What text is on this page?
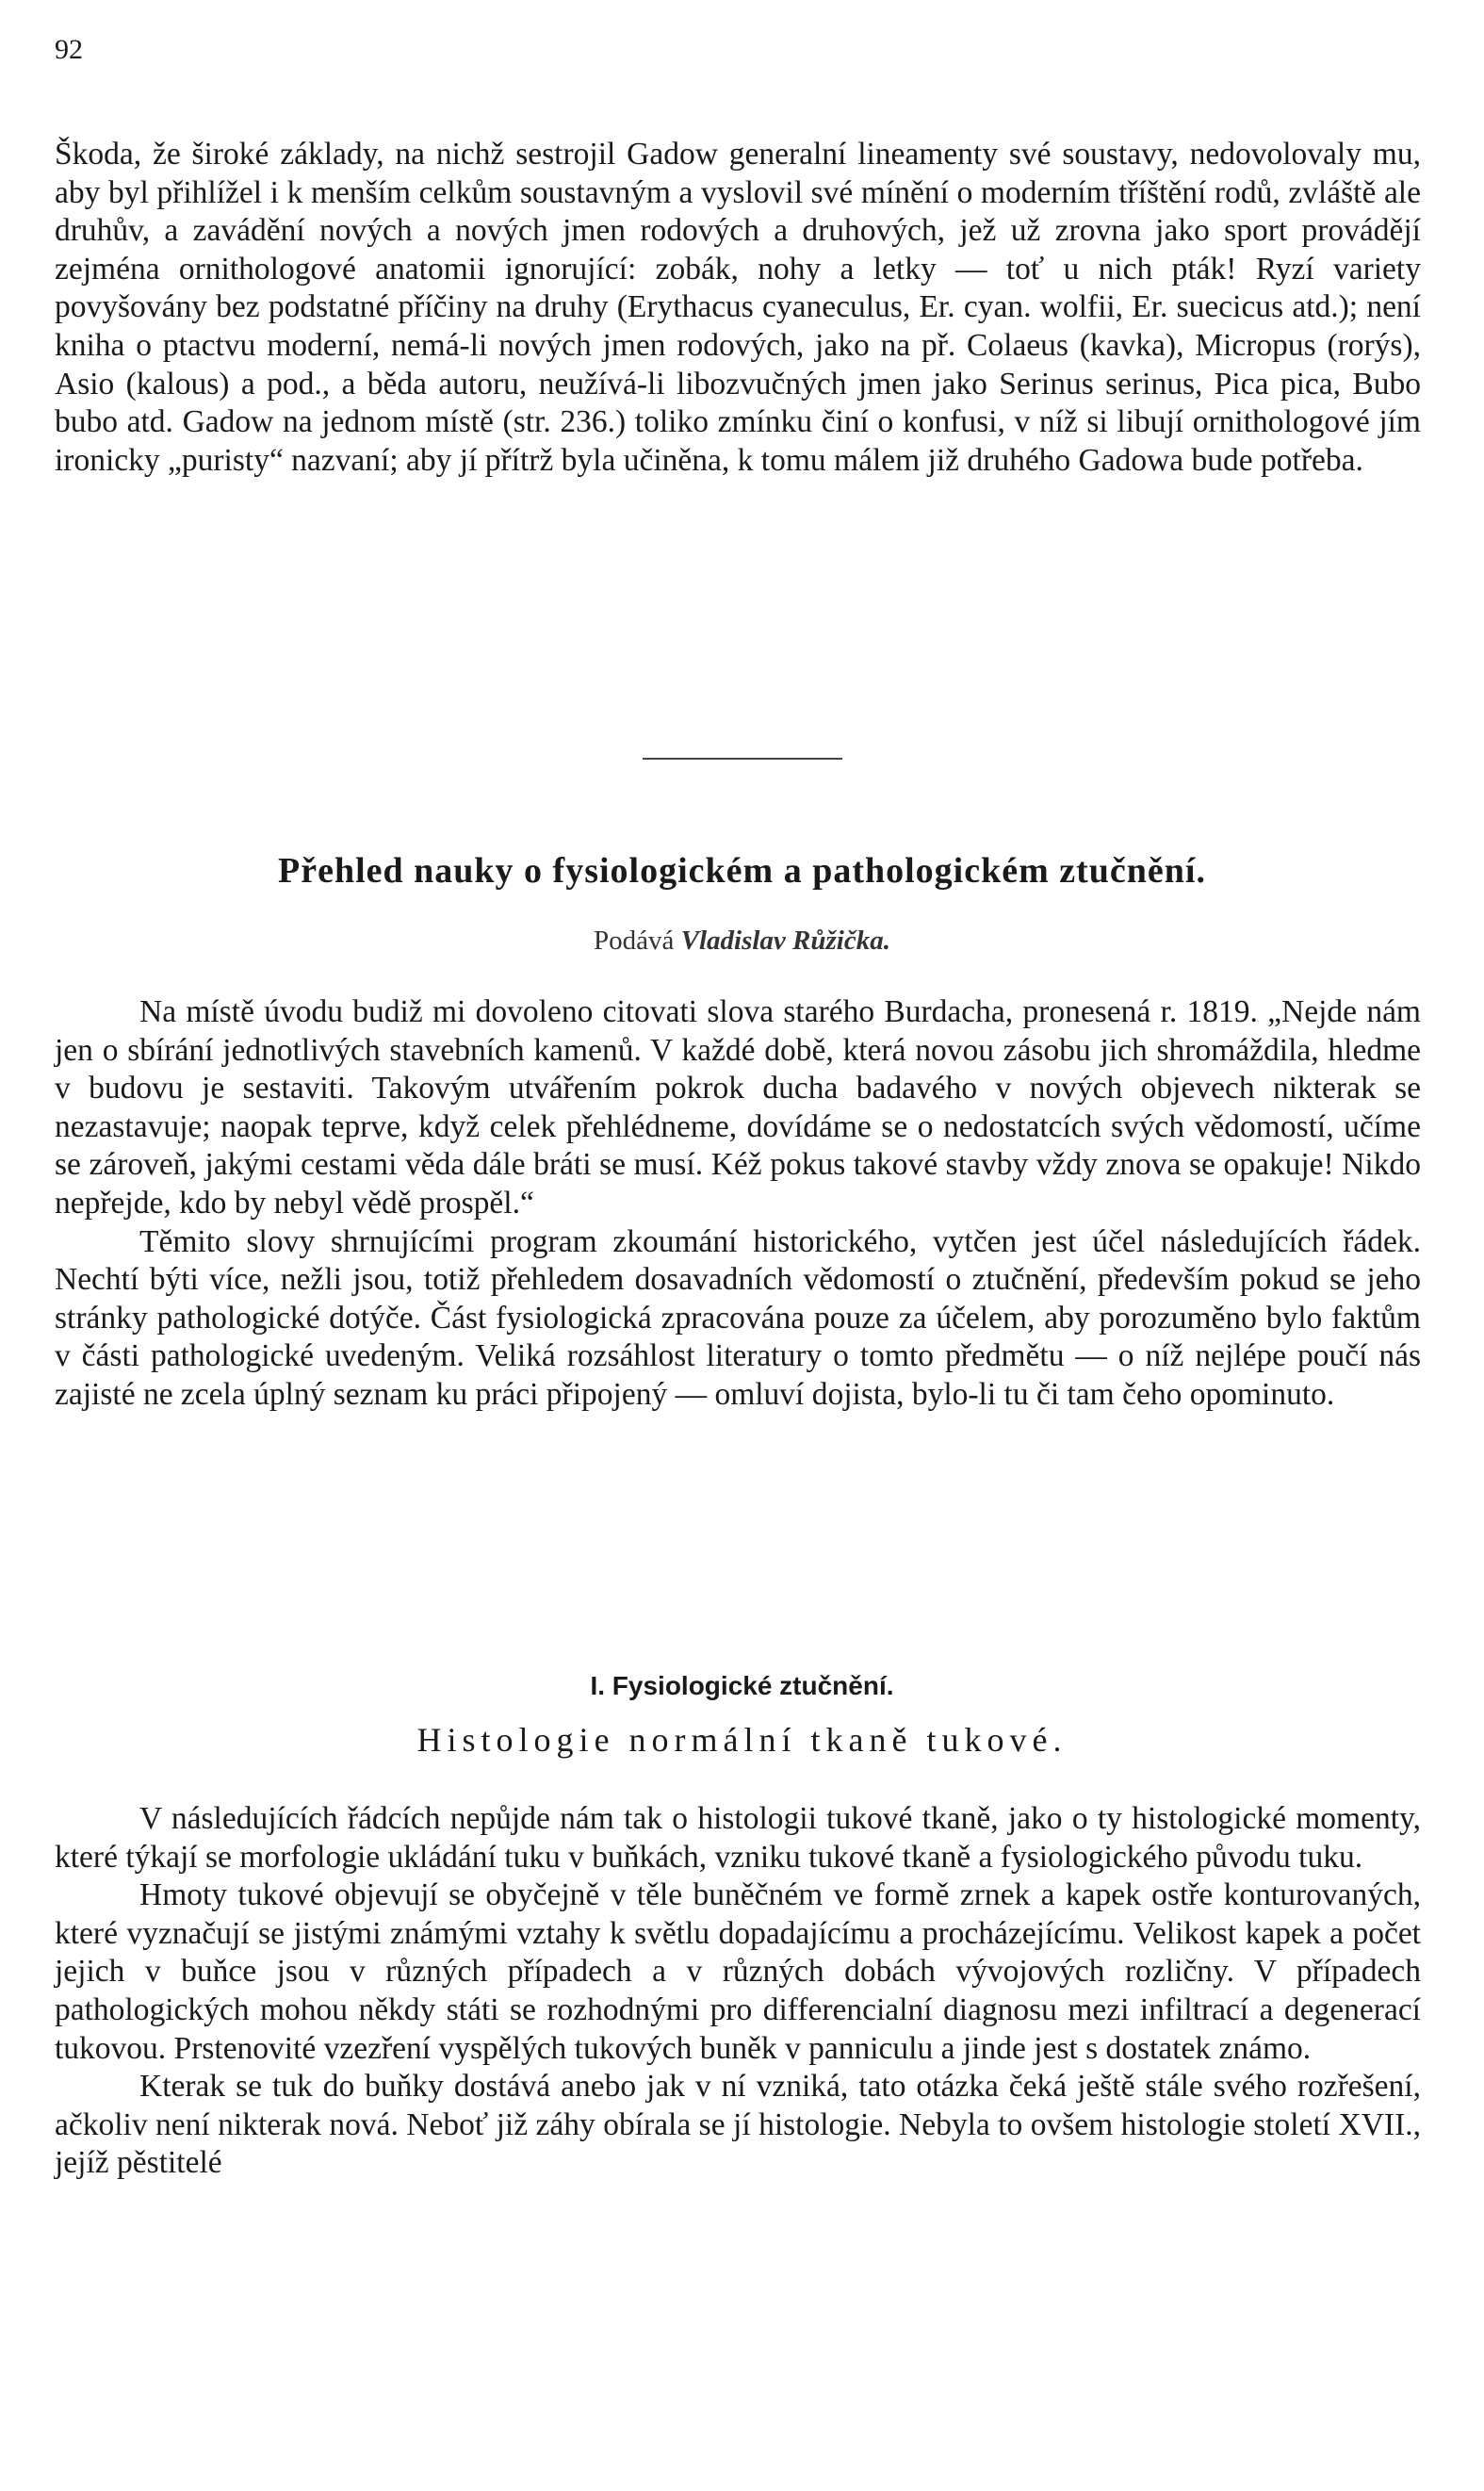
92

Škoda, že široké základy, na nichž sestrojil Gadow generalní lineamenty své soustavy, nedovolovaly mu, aby byl přihlížel i k menším celkům soustavným a vyslovil své mínění o moderním tříštění rodů, zvláště ale druhův, a zavádění nových a nových jmen rodových a druhových, jež už zrovna jako sport provádějí zejména ornithologové anatomii ignorující: zobák, nohy a letky — toť u nich pták! Ryzí variety povyšovány bez podstatné příčiny na druhy (Erythacus cyaneculus, Er. cyan. wolfii, Er. suecicus atd.); není kniha o ptactvu moderní, nemá-li nových jmen rodových, jako na př. Colaeus (kavka), Micropus (rorýs), Asio (kalous) a pod., a běda autoru, neužívá-li libozvučných jmen jako Serinus serinus, Pica pica, Bubo bubo atd. Gadow na jednom místě (str. 236.) toliko zmínku činí o konfusi, v níž si libují ornithologové jím ironicky „puristy“ nazvaní; aby jí přítrž byla učiněna, k tomu málem již druhého Gadowa bude potřeba.

Přehled nauky o fysiologickém a pathologickém ztučnění.
Podává Vladislav Růžička.

Na místě úvodu budiž mi dovoleno citovati slova starého Burdacha, pronesená r. 1819. „Nejde nám jen o sbírání jednotlivých stavebních kamenů. V každé době, která novou zásobu jich shromáždila, hledme v budovu je sestaviti. Takovým utvářením pokrok ducha badavého v nových objevech nikterak se nezastavuje; naopak teprve, když celek přehlédneme, dovídáme se o nedostatcích svých vědomostí, učíme se zároveň, jakými cestami věda dále bráti se musí. Kéž pokus takové stavby vždy znova se opakuje! Nikdo nepřejde, kdo by nebyl vědě prospěl.“

Těmito slovy shrnujícími program zkoumání historického, vytčen jest účel následujících řádek. Nechtí býti více, nežli jsou, totiž přehledem dosavadních vědomostí o ztučnění, především pokud se jeho stránky pathologické dotýče. Část fysiologická zpracována pouze za účelem, aby porozuměno bylo faktům v části pathologické uvedeným. Veliká rozsáhlost literatury o tomto předmětu — o níž nejlépe poučí nás zajisté ne zcela úplný seznam ku práci připojený — omluví dojista, bylo-li tu či tam čeho opominuto.

I. Fysiologické ztučnění.
Histologie normální tkaně tukové.

V následujících řádcích nepůjde nám tak o histologii tukové tkaně, jako o ty histologické momenty, které týkají se morfologie ukládání tuku v buňkách, vzniku tukové tkaně a fysiologického původu tuku.

Hmoty tukové objevují se obyčejně v těle buněčném ve formě zrnek a kapek ostře konturovaných, které vyznačují se jistými známými vztahy k světlu dopadajícímu a procházejícímu. Velikost kapek a počet jejich v buňce jsou v různých případech a v různých dobách vývojových rozličny. V případech pathologických mohou někdy státi se rozhodnými pro differencialní diagnosu mezi infiltrací a degenerací tukovou. Prstenovité vzezření vyspělých tukových buněk v panniculu a jinde jest s dostatek známo.

Kterak se tuk do buňky dostává anebo jak v ní vzniká, tato otázka čeká ještě stále svého rozřešení, ačkoliv není nikterak nová. Neboť již záhy obírala se jí histologie. Nebyla to ovšem histologie století XVII., jejíž pěstitelé
